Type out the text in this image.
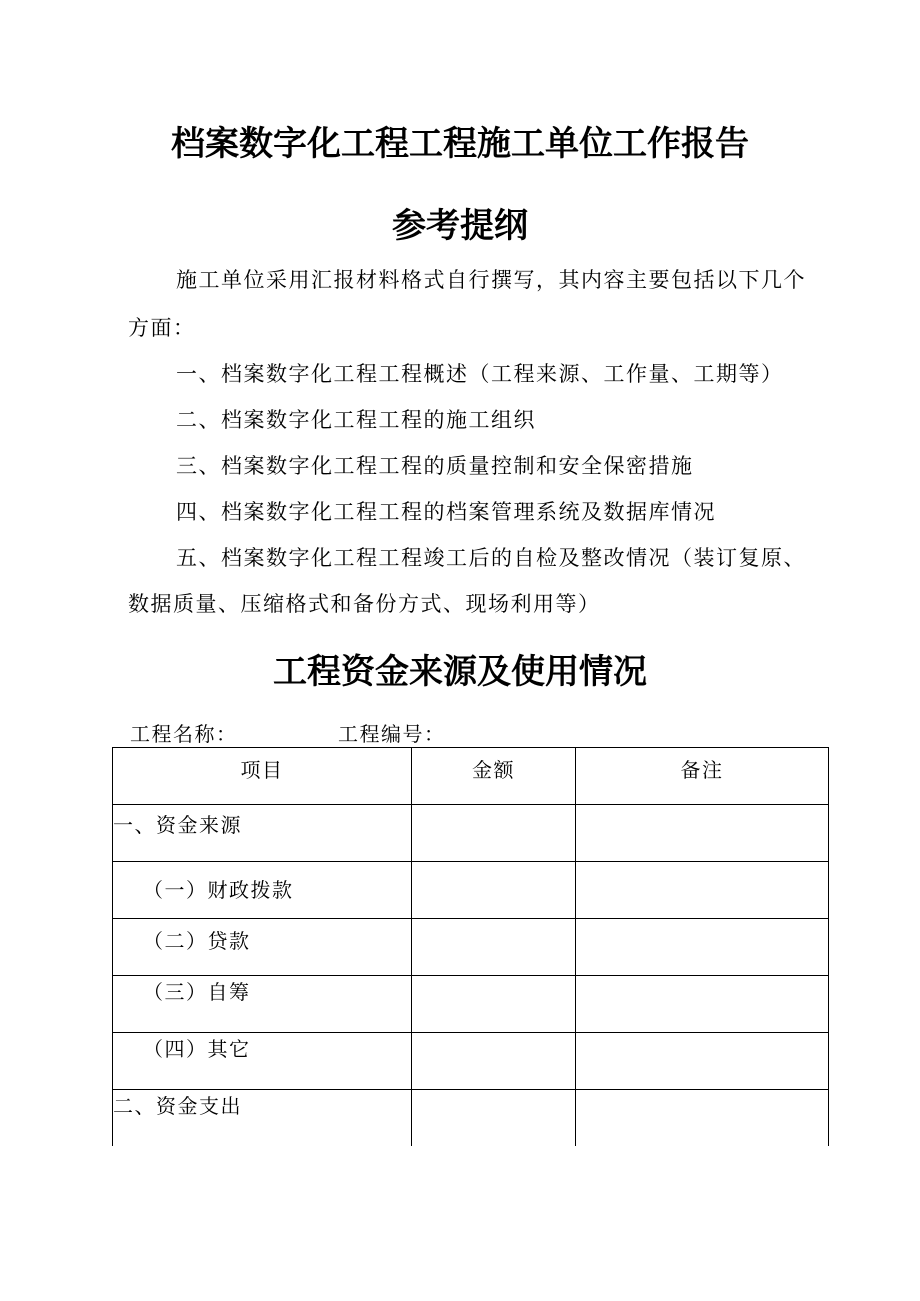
档案数字化工程工程施工单位工作报告
参考提纲

施工单位采用汇报材料格式自行撰写，其内容主要包括以下几个

方面：

一、档案数字化工程工程概述（工程来源、工作量、工期等）

二、档案数字化工程工程的施工组织

三、档案数字化工程工程的质量控制和安全保密措施

四、档案数字化工程工程的档案管理系统及数据库情况

五、档案数字化工程工程竣工后的自检及整改情况（装订复原、

数据质量、压缩格式和备份方式、现场利用等）

工程资金来源及使用情况
工程名称：	工程编号：
项目	金额	备注
一、资金来源		
（一）财政拨款		
（二）贷款		
（三）自筹		
（四）其它		
二、资金支出		
